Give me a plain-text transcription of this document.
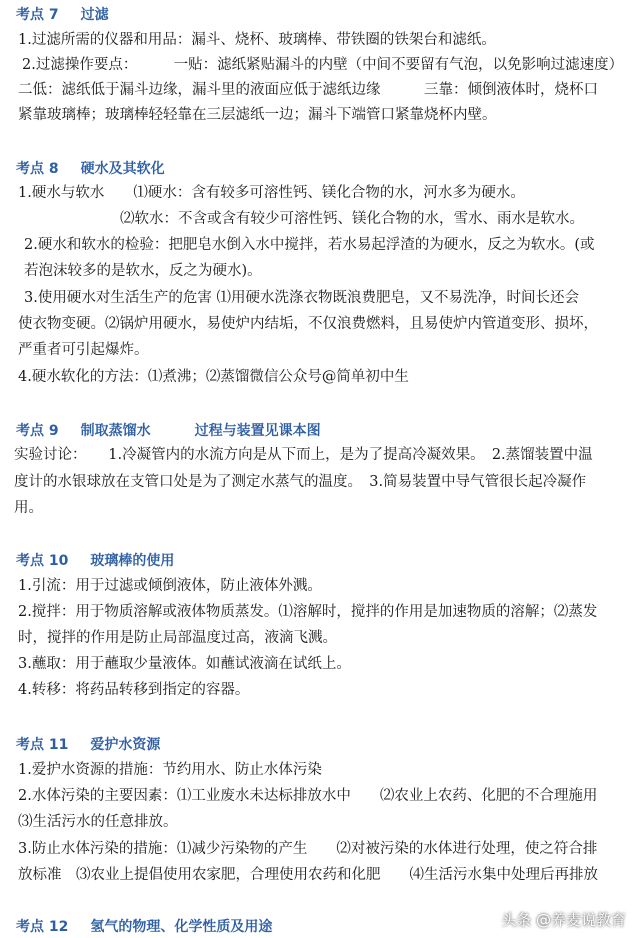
考点 7 过滤
1.过滤所需的仪器和用品：漏斗、烧杯、玻璃棒、带铁圈的铁架台和滤纸。
2.过滤操作要点：　　　一贴：滤纸紧贴漏斗的内壁（中间不要留有气泡，以免影响过滤速度）
二低：滤纸低于漏斗边缘，漏斗里的液面应低于滤纸边缘　　　三靠：倾倒液体时，烧杯口
紧靠玻璃棒；玻璃棒轻轻靠在三层滤纸一边；漏斗下端管口紧靠烧杯内壁。
考点 8 硬水及其软化
1.硬水与软水　　⑴硬水：含有较多可溶性钙、镁化合物的水，河水多为硬水。
⑵软水：不含或含有较少可溶性钙、镁化合物的水，雪水、雨水是软水。
2.硬水和软水的检验：把肥皂水倒入水中搅拌，若水易起浮渣的为硬水，反之为软水。(或
若泡沫较多的是软水，反之为硬水)。
3.使用硬水对生活生产的危害 ⑴用硬水洗涤衣物既浪费肥皂，又不易洗净，时间长还会
使衣物变硬。⑵锅炉用硬水，易使炉内结垢，不仅浪费燃料，且易使炉内管道变形、损坏，
严重者可引起爆炸。
4.硬水软化的方法：⑴煮沸；⑵蒸馏微信公众号@简单初中生
考点 9 制取蒸馏水	过程与装置见课本图
实验讨论：　　1.冷凝管内的水流方向是从下而上，是为了提高冷凝效果。　2.蒸馏装置中温
度计的水银球放在支管口处是为了测定水蒸气的温度。　3.简易装置中导气管很长起冷凝作
用。
考点 10 玻璃棒的使用
1.引流：用于过滤或倾倒液体，防止液体外溅。
2.搅拌：用于物质溶解或液体物质蒸发。⑴溶解时，搅拌的作用是加速物质的溶解；⑵蒸发
时，搅拌的作用是防止局部温度过高，液滴飞溅。
3.蘸取：用于蘸取少量液体。如蘸试液滴在试纸上。
4.转移：将药品转移到指定的容器。
考点 11 爱护水资源
1.爱护水资源的措施：节约用水、防止水体污染
2.水体污染的主要因素：⑴工业废水未达标排放水中　　⑵农业上农药、化肥的不合理施用
⑶生活污水的任意排放。
3.防止水体污染的措施：⑴减少污染物的产生　　⑵对被污染的水体进行处理，使之符合排
放标准　⑶农业上提倡使用农家肥，合理使用农药和化肥　　⑷生活污水集中处理后再排放
考点 12 氢气的物理、化学性质及用途	头条 @养麦说教育
